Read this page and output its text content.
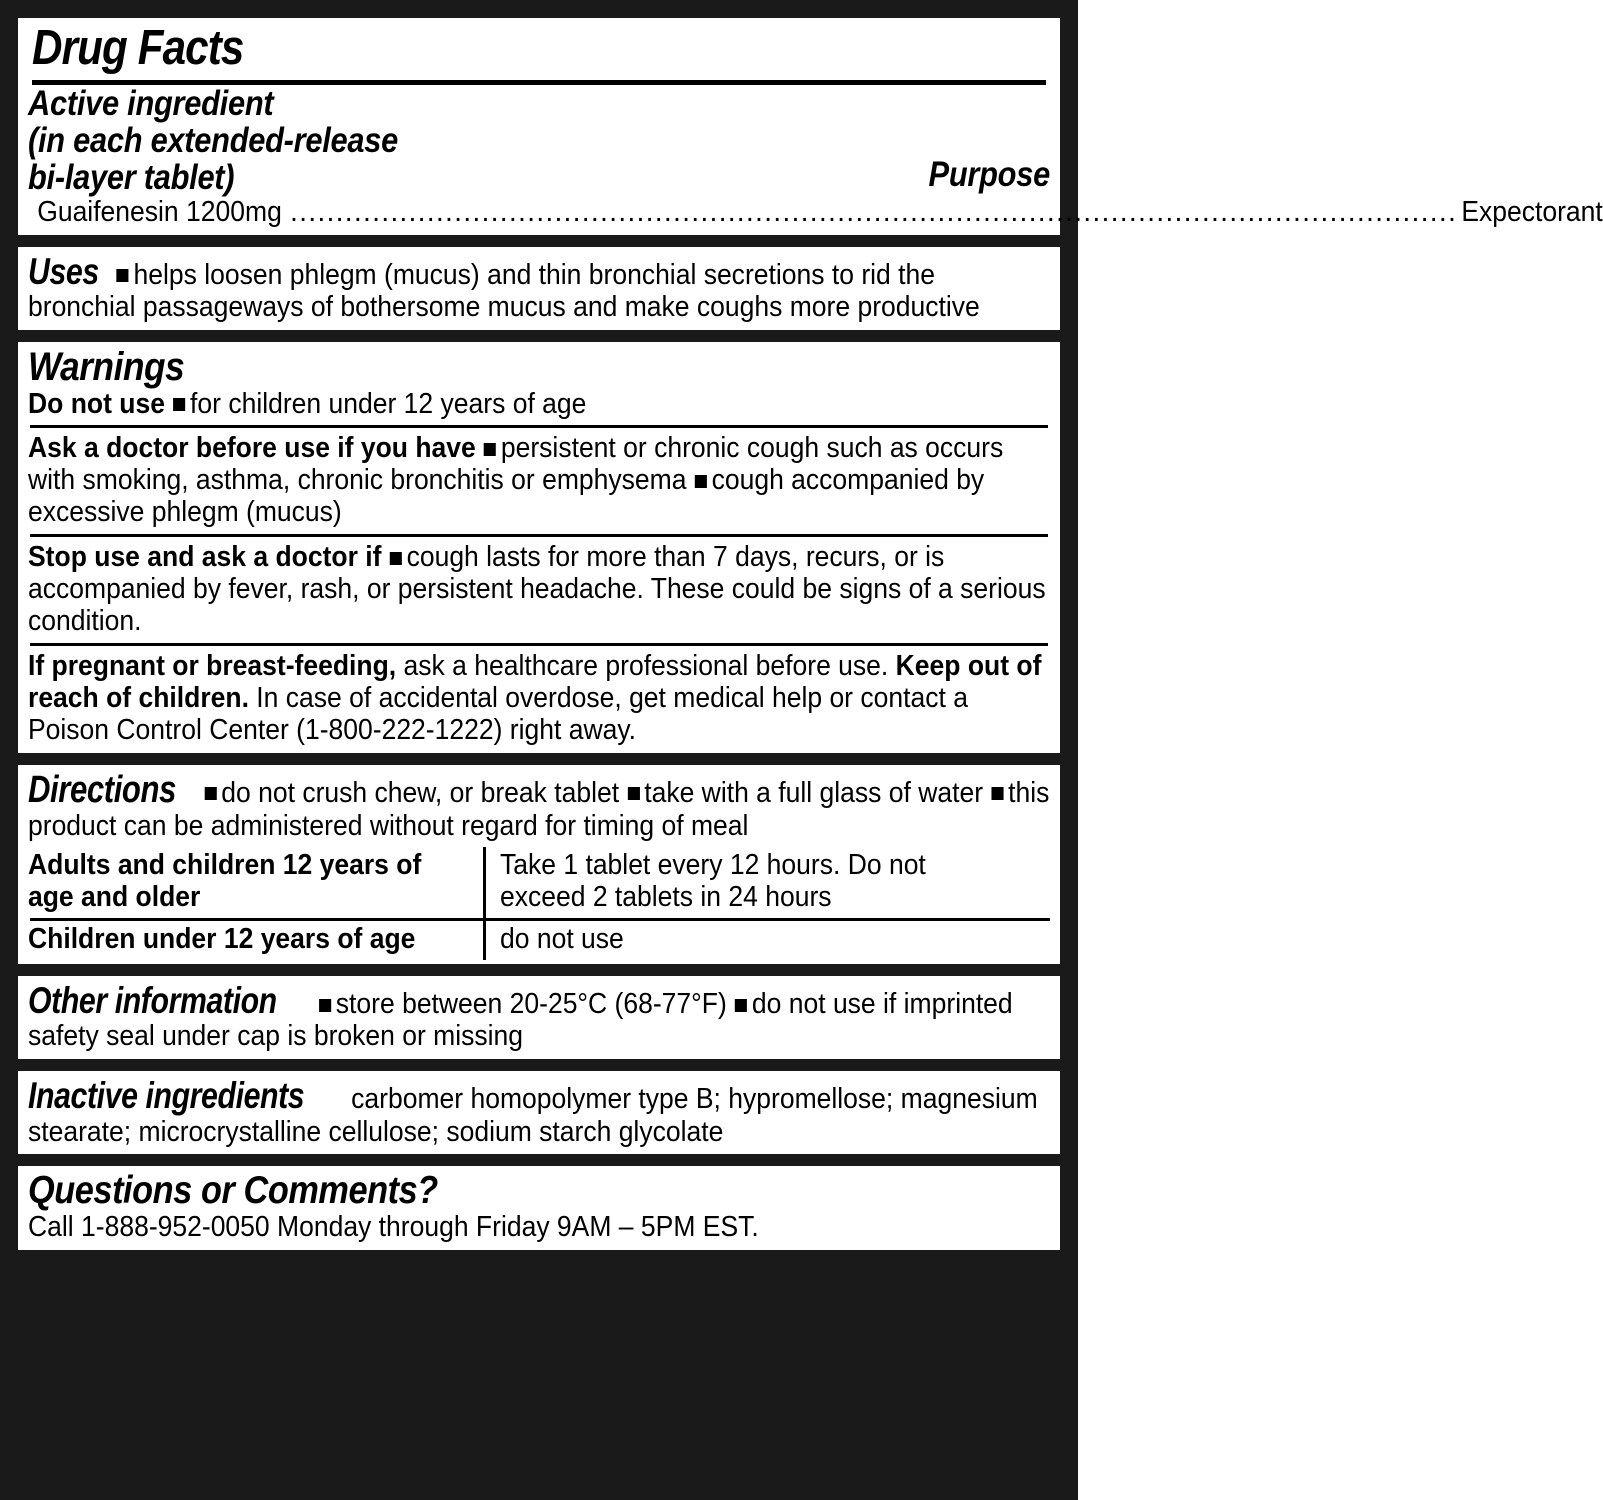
Drug Facts
Active ingredient
(in each extended-release
bi-layer tablet)	Purpose
Guaifenesin 1200mg ................................................................................................................................ Expectorant
Uses helps loosen phlegm (mucus) and thin bronchial secretions to rid the bronchial passageways of bothersome mucus and make coughs more productive
Warnings
Do not use for children under 12 years of age
Ask a doctor before use if you have persistent or chronic cough such as occurs with smoking, asthma, chronic bronchitis or emphysema cough accompanied by excessive phlegm (mucus)
Stop use and ask a doctor if cough lasts for more than 7 days, recurs, or is accompanied by fever, rash, or persistent headache. These could be signs of a serious condition.
If pregnant or breast-feeding, ask a healthcare professional before use. Keep out of reach of children. In case of accidental overdose, get medical help or contact a Poison Control Center (1-800-222-1222) right away.
Directions do not crush chew, or break tablet take with a full glass of water this product can be administered without regard for timing of meal
Adults and children 12 years of age and older
Take 1 tablet every 12 hours. Do not exceed 2 tablets in 24 hours
Children under 12 years of age	do not use
Other information store between 20-25°C (68-77°F) do not use if imprinted safety seal under cap is broken or missing
Inactive ingredients carbomer homopolymer type B; hypromellose; magnesium stearate; microcrystalline cellulose; sodium starch glycolate
Questions or Comments?
Call 1-888-952-0050 Monday through Friday 9AM – 5PM EST.
